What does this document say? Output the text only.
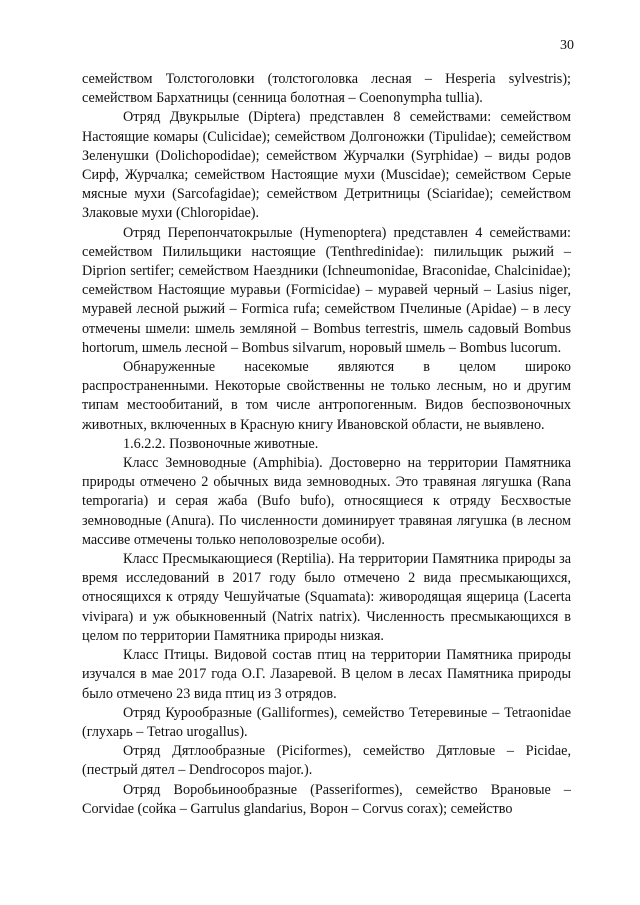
30

семейством Толстоголовки (толстоголовка лесная – Hesperia sylvestris); семейством Бархатницы (сенница болотная – Coenonympha tullia).

Отряд Двукрылые (Diptera) представлен 8 семействами: семейством Настоящие комары (Culicidae); семейством Долгоножки (Tipulidae); семейством Зеленушки (Dolichopodidae); семейством Журчалки (Syrphidae) – виды родов Сирф, Журчалка; семейством Настоящие мухи (Muscidae); семейством Серые мясные мухи (Sarcofagidae); семейством Детритницы (Sciaridae); семейством Злаковые мухи (Chloropidae).

Отряд Перепончатокрылые (Hymenoptera) представлен 4 семействами: семейством Пилильщики настоящие (Tenthredinidae): пилильщик рыжий – Diprion sertifer; семейством Наездники (Ichneumonidae, Braconidae, Chalcinidae); семейством Настоящие муравьи (Formicidae) – муравей черный – Lasius niger, муравей лесной рыжий – Formica rufa; семейством Пчелиные (Apidae) – в лесу отмечены шмели: шмель земляной – Bombus terrestris, шмель садовый Bombus hortorum, шмель лесной – Bombus silvarum, норовый шмель – Bombus lucorum.

Обнаруженные насекомые являются в целом широко распространенными. Некоторые свойственны не только лесным, но и другим типам местообитаний, в том числе антропогенным. Видов беспозвоночных животных, включенных в Красную книгу Ивановской области, не выявлено.

1.6.2.2. Позвоночные животные.

Класс Земноводные (Amphibia). Достоверно на территории Памятника природы отмечено 2 обычных вида земноводных. Это травяная лягушка (Rana temporaria) и серая жаба (Bufo bufo), относящиеся к отряду Бесхвостые земноводные (Anura). По численности доминирует травяная лягушка (в лесном массиве отмечены только неполовозрелые особи).

Класс Пресмыкающиеся (Reptilia). На территории Памятника природы за время исследований в 2017 году было отмечено 2 вида пресмыкающихся, относящихся к отряду Чешуйчатые (Squamata): живородящая ящерица (Lacerta vivipara) и уж обыкновенный (Natrix natrix). Численность пресмыкающихся в целом по территории Памятника природы низкая.

Класс Птицы. Видовой состав птиц на территории Памятника природы изучался в мае 2017 года О.Г. Лазаревой. В целом в лесах Памятника природы было отмечено 23 вида птиц из 3 отрядов.

Отряд Курообразные (Galliformes), семейство Тетеревиные – Tetraonidae (глухарь – Tetrao urogallus).

Отряд Дятлообразные (Piciformes), семейство Дятловые – Picidae, (пестрый дятел – Dendrocopos major.).

Отряд Воробьинообразные (Passeriformes), семейство Врановые – Corvidae (сойка – Garrulus glandarius, Ворон – Corvus corax); семейство
